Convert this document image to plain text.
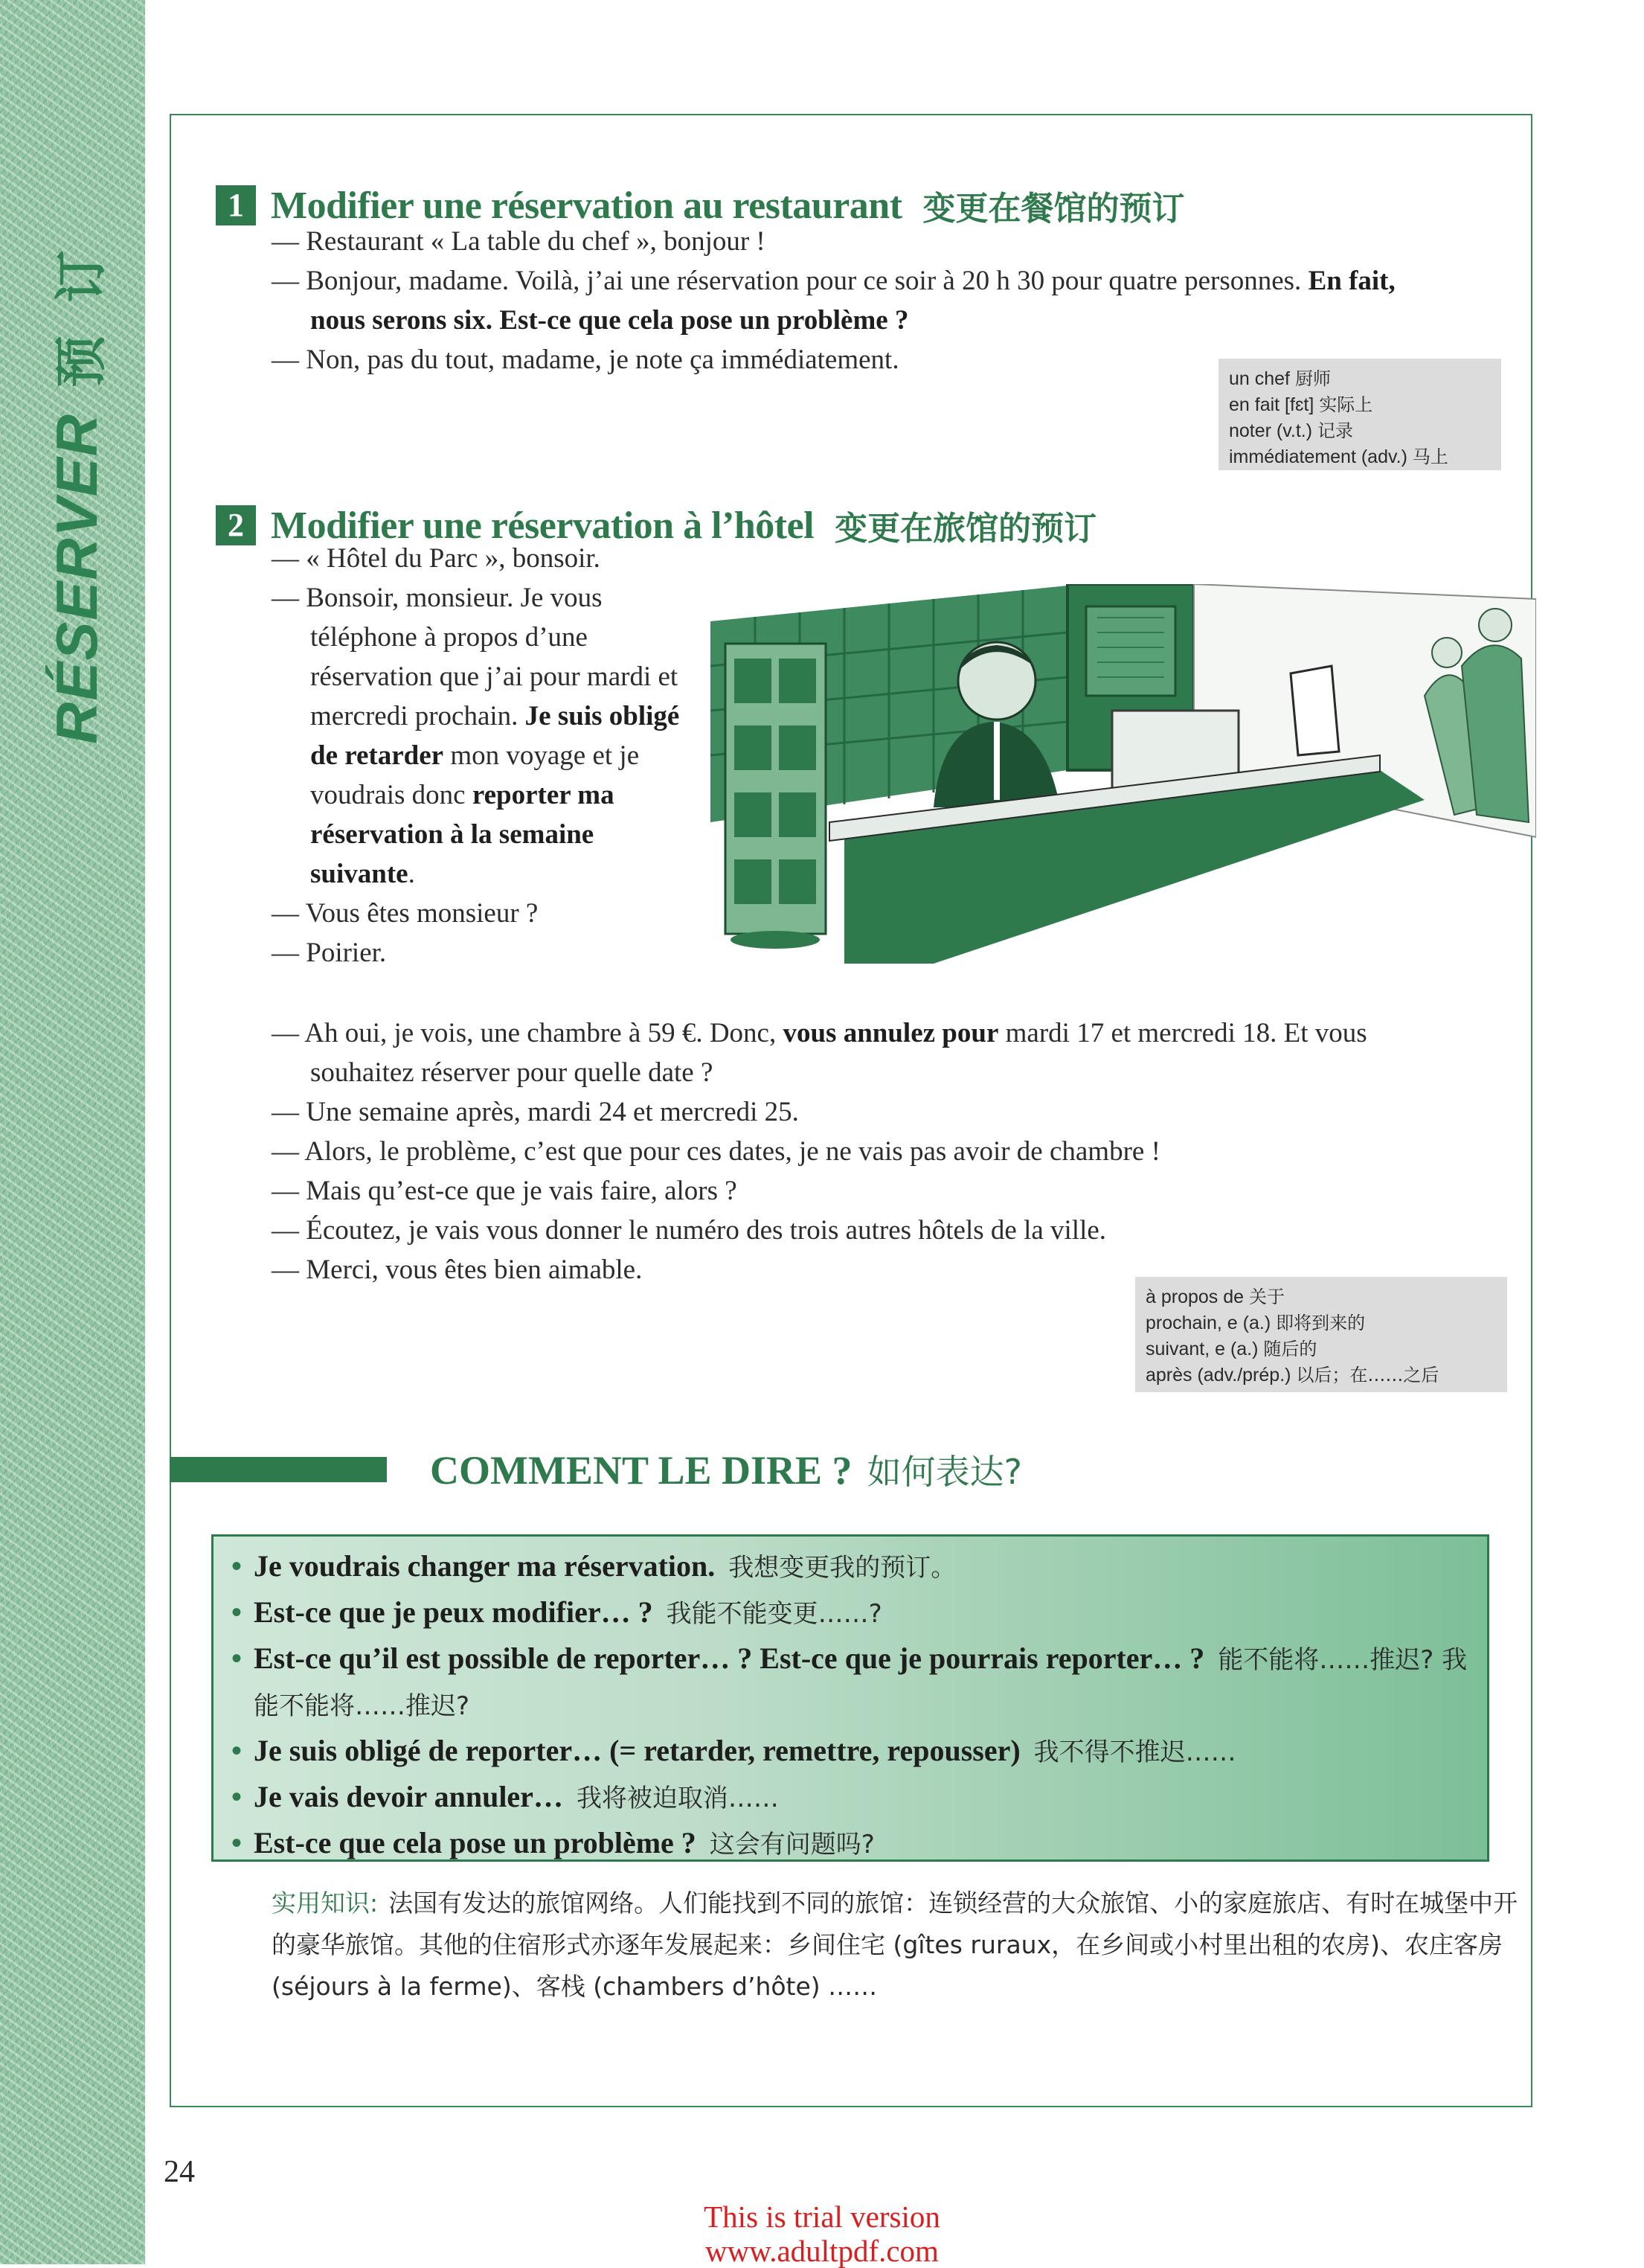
RÉSERVER
预 订
1 Modifier une réservation au restaurant 变更在餐馆的预订
— Restaurant « La table du chef », bonjour !
— Bonjour, madame. Voilà, j’ai une réservation pour ce soir à 20 h 30 pour quatre personnes. En fait, nous serons six. Est-ce que cela pose un problème ?
— Non, pas du tout, madame, je note ça immédiatement.
un chef 厨师
en fait [fɛt] 实际上
noter (v.t.) 记录
immédiatement (adv.) 马上
2 Modifier une réservation à l’hôtel 变更在旅馆的预订
— « Hôtel du Parc », bonsoir.
— Bonsoir, monsieur. Je vous téléphone à propos d’une réservation que j’ai pour mardi et mercredi prochain. Je suis obligé de retarder mon voyage et je voudrais donc reporter ma réservation à la semaine suivante.
— Vous êtes monsieur ?
— Poirier.
— Ah oui, je vois, une chambre à 59 €. Donc, vous annulez pour mardi 17 et mercredi 18. Et vous souhaitez réserver pour quelle date ?
— Une semaine après, mardi 24 et mercredi 25.
— Alors, le problème, c’est que pour ces dates, je ne vais pas avoir de chambre !
— Mais qu’est-ce que je vais faire, alors ?
— Écoutez, je vais vous donner le numéro des trois autres hôtels de la ville.
— Merci, vous êtes bien aimable.
à propos de 关于
prochain, e (a.) 即将到来的
suivant, e (a.) 随后的
après (adv./prép.) 以后；在……之后
COMMENT LE DIRE ? 如何表达?
• Je voudrais changer ma réservation. 我想变更我的预订。
• Est-ce que je peux modifier… ? 我能不能变更……?
• Est-ce qu’il est possible de reporter… ? Est-ce que je pourrais reporter… ? 能不能将……推迟? 我能不能将……推迟?
• Je suis obligé de reporter… (= retarder, remettre, repousser) 我不得不推迟……
• Je vais devoir annuler… 我将被迫取消……
• Est-ce que cela pose un problème ? 这会有问题吗?
实用知识: 法国有发达的旅馆网络。人们能找到不同的旅馆：连锁经营的大众旅馆、小的家庭旅店、有时在城堡中开的豪华旅馆。其他的住宿形式亦逐年发展起来：乡间住宅 (gîtes ruraux，在乡间或小村里出租的农房)、农庄客房 (séjours à la ferme)、客栈 (chambers d’hôte) ……
24
This is trial version
www.adultpdf.com
